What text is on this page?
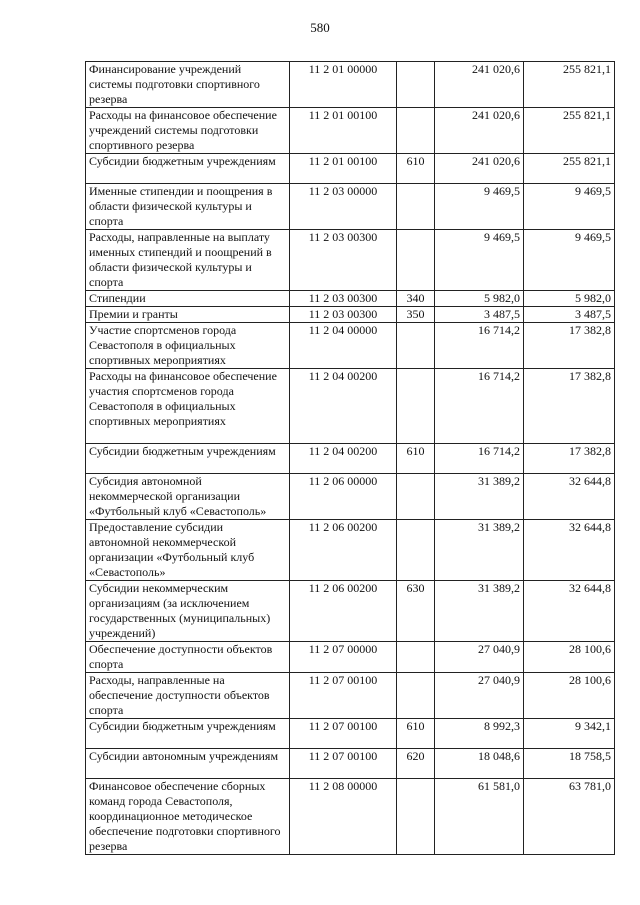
580
Финансирование учреждений системы подготовки спортивного резерва	11 2 01 00000		241 020,6	255 821,1
Расходы на финансовое обеспечение учреждений системы подготовки спортивного резерва	11 2 01 00100		241 020,6	255 821,1
Субсидии бюджетным учреждениям	11 2 01 00100	610	241 020,6	255 821,1
Именные стипендии и поощрения в области физической культуры и спорта	11 2 03 00000		9 469,5	9 469,5
Расходы, направленные на выплату именных стипендий и поощрений в области физической культуры и спорта	11 2 03 00300		9 469,5	9 469,5
Стипендии	11 2 03 00300	340	5 982,0	5 982,0
Премии и гранты	11 2 03 00300	350	3 487,5	3 487,5
Участие спортсменов города Севастополя в официальных спортивных мероприятиях	11 2 04 00000		16 714,2	17 382,8
Расходы на финансовое обеспечение участия спортсменов города Севастополя в официальных спортивных мероприятиях	11 2 04 00200		16 714,2	17 382,8
Субсидии бюджетным учреждениям	11 2 04 00200	610	16 714,2	17 382,8
Субсидия автономной некоммерческой организации «Футбольный клуб «Севастополь»	11 2 06 00000		31 389,2	32 644,8
Предоставление субсидии автономной некоммерческой организации «Футбольный клуб «Севастополь»	11 2 06 00200		31 389,2	32 644,8
Субсидии некоммерческим организациям (за исключением государственных (муниципальных) учреждений)	11 2 06 00200	630	31 389,2	32 644,8
Обеспечение доступности объектов спорта	11 2 07 00000		27 040,9	28 100,6
Расходы, направленные на обеспечение доступности объектов спорта	11 2 07 00100		27 040,9	28 100,6
Субсидии бюджетным учреждениям	11 2 07 00100	610	8 992,3	9 342,1
Субсидии автономным учреждениям	11 2 07 00100	620	18 048,6	18 758,5
Финансовое обеспечение сборных команд города Севастополя, координационное методическое обеспечение подготовки спортивного резерва	11 2 08 00000		61 581,0	63 781,0
